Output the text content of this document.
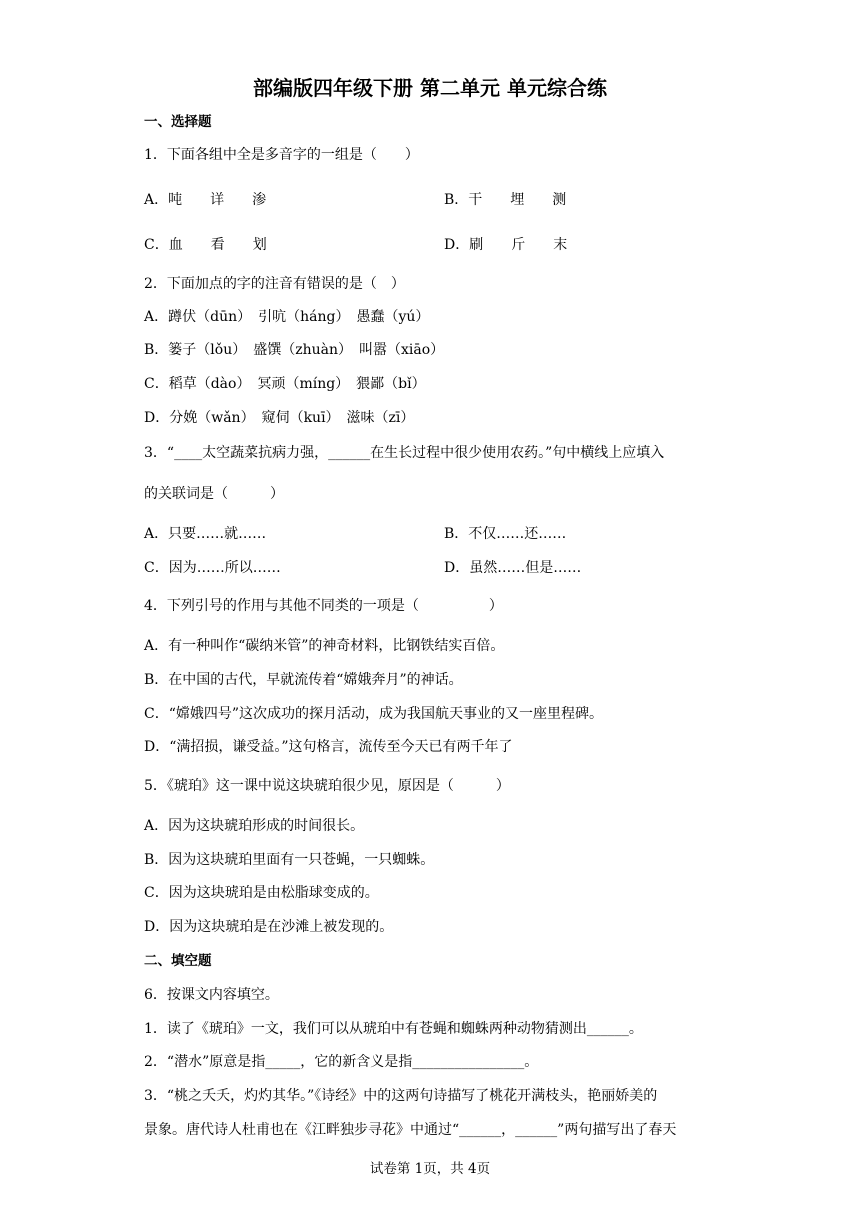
部编版四年级下册 第二单元 单元综合练
一、选择题
1．下面各组中全是多音字的一组是（　　）
A．吨　　详　　渗	B．干　　埋　　测
C．血　　看　　划	D．刷　　斤　　末
2．下面加点的字的注音有错误的是（　）
A．蹲伏（dūn）　引吭（háng）　愚蠢（yú）
B．篓子（lǒu）　盛馔（zhuàn）　叫嚣（xiāo）
C．稻草（dào）　冥顽（míng）　猥鄙（bǐ）
D．分娩（wǎn）　窥伺（kuī）　滋味（zī）
3．“____太空蔬菜抗病力强，______在生长过程中很少使用农药。”句中横线上应填入
的关联词是（　　　）
A．只要……就……	B．不仅……还……
C．因为……所以……	D．虽然……但是……
4．下列引号的作用与其他不同类的一项是（　　　　　）
A．有一种叫作“碳纳米管”的神奇材料，比钢铁结实百倍。
B．在中国的古代，早就流传着“嫦娥奔月”的神话。
C．“嫦娥四号”这次成功的探月活动，成为我国航天事业的又一座里程碑。
D．“满招损，谦受益。”这句格言，流传至今天已有两千年了
5．《琥珀》这一课中说这块琥珀很少见，原因是（　　　）
A．因为这块琥珀形成的时间很长。
B．因为这块琥珀里面有一只苍蝇，一只蜘蛛。
C．因为这块琥珀是由松脂球变成的。
D．因为这块琥珀是在沙滩上被发现的。
二、填空题
6．按课文内容填空。
1．读了《琥珀》一文，我们可以从琥珀中有苍蝇和蜘蛛两种动物猜测出______。
2．“潜水”原意是指_____，它的新含义是指________________。
3．“桃之夭夭，灼灼其华。”《诗经》中的这两句诗描写了桃花开满枝头，艳丽娇美的
景象。唐代诗人杜甫也在《江畔独步寻花》中通过“______，______”两句描写出了春天
试卷第 1页，共 4页
